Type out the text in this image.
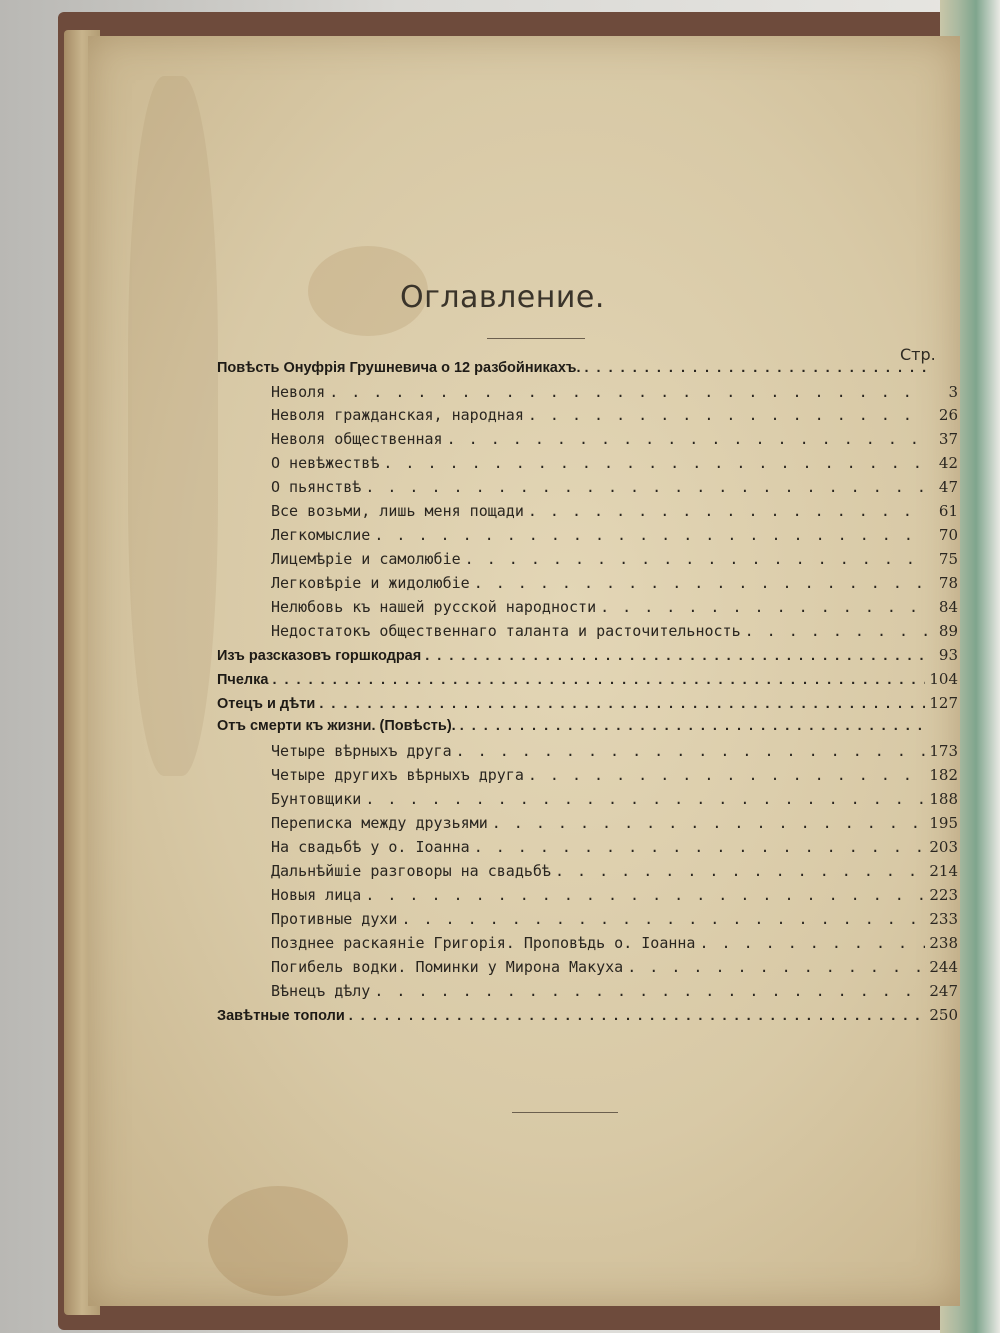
Оглавление.
Стр.
Повѣсть Онуфрія Грушневича о 12 разбойникахъ.
. . .
Неволя . . .	3
Неволя гражданская, народная . . .	26
Неволя общественная . . .	37
О невѣжествѣ . . .	42
О пьянствѣ . . .	47
Все возьми, лишь меня пощади . . .	61
Легкомыслие . . .	70
Лицемѣріе и самолюбіе . . .	75
Легковѣріе и жидолюбіе . . .	78
Нелюбовь къ нашей русской народности . . .	84
Недостатокъ общественнаго таланта и расточительность . . .	89
Изъ разсказовъ горшкодрая . . .	93
Пчелка . . .	104
Отецъ и дѣти . . .	127
Отъ смерти къ жизни. (Повѣсть).
. . .
Четыре вѣрныхъ друга . . .	173
Четыре другихъ вѣрныхъ друга . . .	182
Бунтовщики . . .	188
Переписка между друзьями . . .	195
На свадьбѣ у о. Іоанна . . .	203
Дальнѣйшіе разговоры на свадьбѣ . . .	214
Новыя лица . . .	223
Противные духи . . .	233
Позднее раскаяніе Григорія. Проповѣдь о. Іоанна . . .	238
Погибель водки. Поминки у Мирона Макуха . . .	244
Вѣнецъ дѣлу . . .	247
Завѣтные тополи . . .	250
